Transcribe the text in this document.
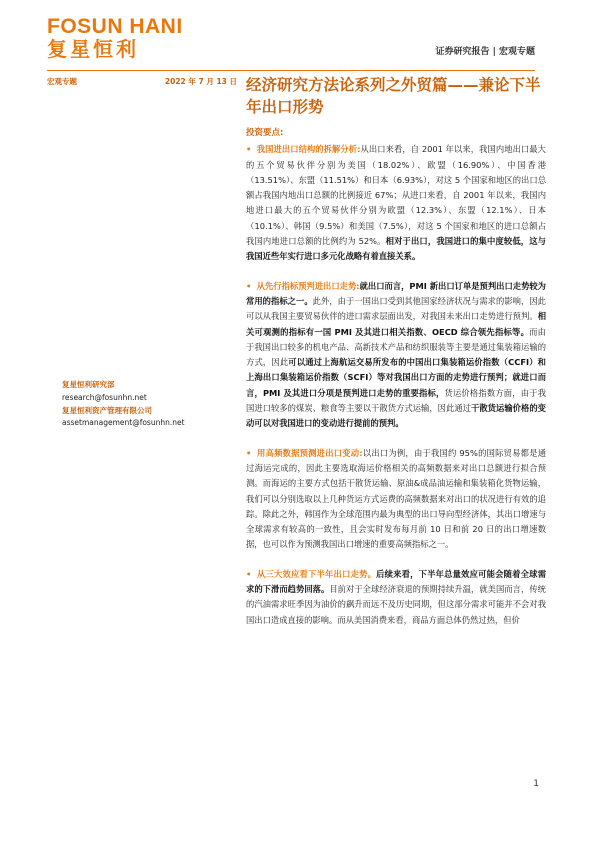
FOSUN HANI
复星恒利	证券研究报告 | 宏观专题
宏观专题	2022 年 7 月 13 日 经济研究方法论系列之外贸篇——兼论下半年出口形势
复星恒利研究部
research@fosunhn.net
复星恒利资产管理有限公司
assetmanagement@fosunhn.net
投资要点:
• 我国进出口结构的拆解分析:从出口来看，自 2001 年以来，我国内地出口最大的五个贸易伙伴分别为美国（18.02%）、欧盟（16.90%）、中国香港（13.51%）、东盟（11.51%）和日本（6.93%），对这 5 个国家和地区的出口总额占我国内地出口总额的比例接近 67%；从进口来看，自 2001 年以来，我国内地进口最大的五个贸易伙伴分别为欧盟（12.3%）、东盟（12.1%）、日本（10.1%）、韩国（9.5%）和美国（7.5%），对这 5 个国家和地区的进口总额占我国内地进口总额的比例约为 52%。相对于出口，我国进口的集中度较低，这与我国近些年实行进口多元化战略有着直接关系。
• 从先行指标预判进出口走势:就出口而言，PMI 新出口订单是预判出口走势较为常用的指标之一。此外，由于一国出口受到其他国家经济状况与需求的影响，因此可以从我国主要贸易伙伴的进口需求层面出发，对我国未来出口走势进行预判。相关可观测的指标有一国 PMI 及其进口相关指数、OECD 综合领先指标等。而由于我国出口较多的机电产品、高新技术产品和纺织服装等主要是通过集装箱运输的方式，因此可以通过上海航运交易所发布的中国出口集装箱运价指数（CCFI）和上海出口集装箱运价指数（SCFI）等对我国出口方面的走势进行预判；就进口而言，PMI 及其进口分项是预判进口走势的重要指标，货运价格指数方面，由于我国进口较多的煤炭、粮食等主要以干散货方式运输，因此通过干散货运输价格的变动可以对我国进口的变动进行提前的预判。
• 用高频数据预测进出口变动:以出口为例，由于我国约 95%的国际贸易都是通过海运完成的，因此主要选取海运价格相关的高频数据来对出口总额进行拟合预测。而海运的主要方式包括干散货运输、原油&成品油运输和集装箱化货物运输，我们可以分别选取以上几种货运方式运费的高频数据来对出口的状况进行有效的追踪。除此之外，韩国作为全球范围内最为典型的出口导向型经济体，其出口增速与全球需求有较高的一致性，且会实时发布每月前 10 日和前 20 日的出口增速数据，也可以作为预测我国出口增速的重要高频指标之一。
• 从三大效应看下半年出口走势。后续来看，下半年总量效应可能会随着全球需求的下滑而趋势回落。目前对于全球经济衰退的预期持续升温，就美国而言，传统的汽油需求旺季因为油价的飙升而远不及历史同期，但这部分需求可能并不会对我国出口造成直接的影响。而从美国消费来看，商品方面总体仍然过热，但价
1
